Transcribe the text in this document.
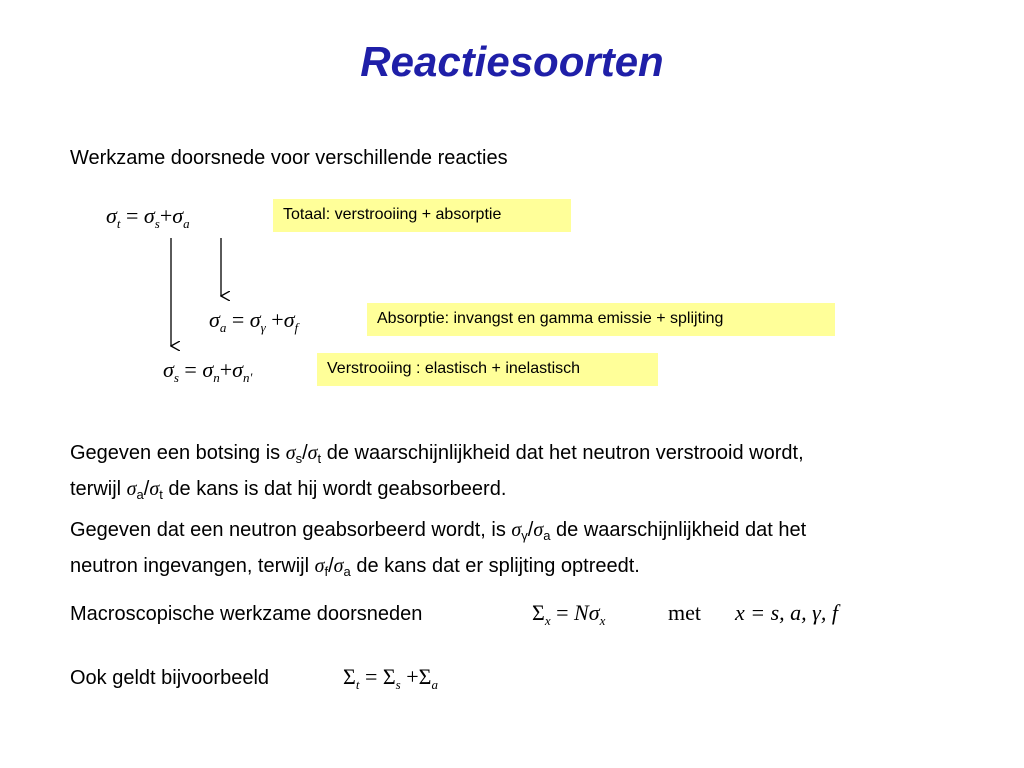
Reactiesoorten
Werkzame doorsnede voor verschillende reacties
$\sigma_t = \sigma_s+\sigma_a$
Totaal: verstrooiing + absorptie
$\sigma_a = \sigma_\gamma +\sigma_f$
Absorptie: invangst en gamma emissie + splijting
$\sigma_s = \sigma_n+\sigma_{n'}$
Verstrooiing : elastisch + inelastisch
Gegeven een botsing is $\sigma_s/\sigma_t$ de waarschijnlijkheid dat het neutron verstrooid wordt,
terwijl $\sigma_a/\sigma_t$ de kans is dat hij wordt geabsorbeerd.
Gegeven dat een neutron geabsorbeerd wordt, is $\sigma_\gamma/\sigma_a$ de waarschijnlijkheid dat het
neutron ingevangen, terwijl $\sigma_f/\sigma_a$ de kans dat er splijting optreedt.
Macroscopische werkzame doorsneden	$\Sigma_x = N\sigma_x$	met x = s, a, γ, f
Ook geldt bijvoorbeeld	$\Sigma_t = \Sigma_s +\Sigma_a$
